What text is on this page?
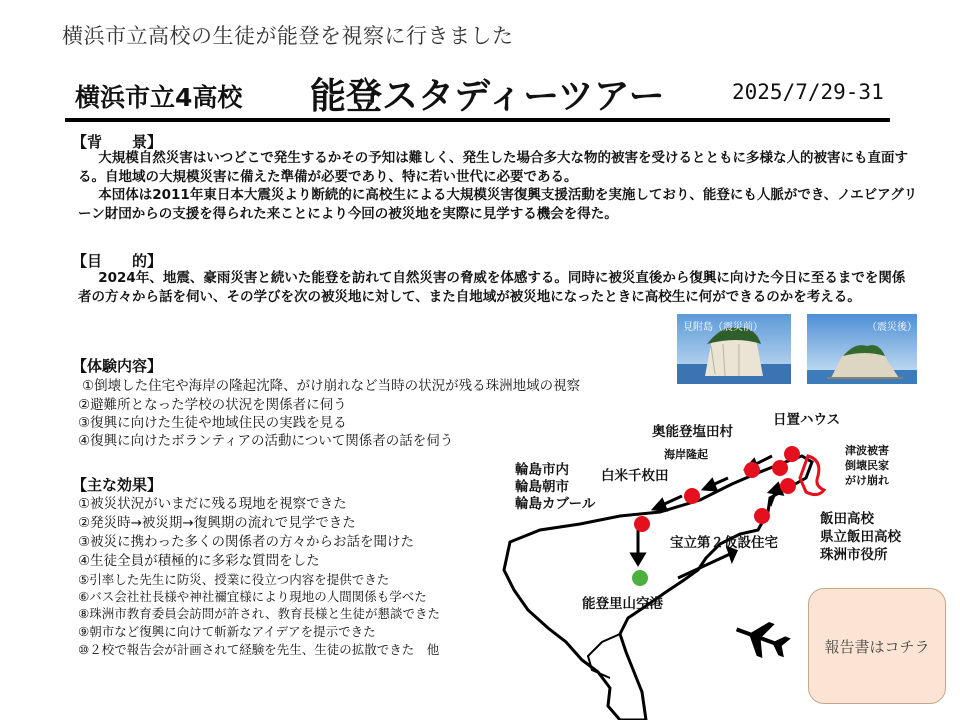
横浜市立高校の生徒が能登を視察に行きました
横浜市立4高校 能登スタディーツアー	2025/7/29-31
【背　　景】
大規模自然災害はいつどこで発生するかその予知は難しく、発生した場合多大な物的被害を受けるとともに多様な人的被害にも直面する。自地域の大規模災害に備えた準備が必要であり、特に若い世代に必要である。
本団体は2011年東日本大震災より断続的に高校生による大規模災害復興支援活動を実施しており、能登にも人脈ができ、ノエビアグリーン財団からの支援を得られた来ことにより今回の被災地を実際に見学する機会を得た。
【目　　的】
2024年、地震、豪雨災害と続いた能登を訪れて自然災害の脅威を体感する。同時に被災直後から復興に向けた今日に至るまでを関係者の方々から話を伺い、その学びを次の被災地に対して、また自地域が被災地になったときに高校生に何ができるのかを考える。
見附島（震災前）	（震災後）
【体験内容】
①倒壊した住宅や海岸の隆起沈降、がけ崩れなど当時の状況が残る珠洲地域の視察
②避難所となった学校の状況を関係者に伺う
③復興に向けた生徒や地域住民の実践を見る
④復興に向けたボランティアの活動について関係者の話を伺う
奥能登塩田村
日置ハウス
海岸隆起
輪島市内
輪島朝市
輪島カブール
白米千枚田
津波被害
倒壊民家
がけ崩れ
飯田高校
県立飯田高校
珠洲市役所
宝立第２仮設住宅
能登里山空港
【主な効果】
①被災状況がいまだに残る現地を視察できた
②発災時→被災期→復興期の流れで見学できた
③被災に携わった多くの関係者の方々からお話を聞けた
④生徒全員が積極的に多彩な質問をした
⑤引率した先生に防災、授業に役立つ内容を提供できた
⑥バス会社社長様や神社禰宜様により現地の人間関係も学べた
⑧珠洲市教育委員会訪問が許され、教育長様と生徒が懇談できた
⑨朝市など復興に向けて斬新なアイデアを提示できた
⑩２校で報告会が計画されて経験を先生、生徒の拡散できた　他	報告書はコチラ
